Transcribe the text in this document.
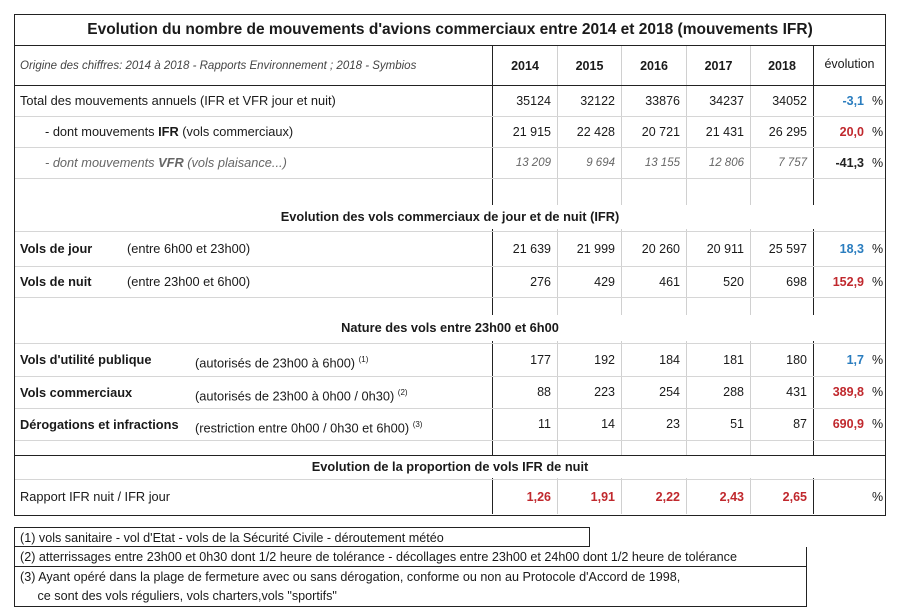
Evolution du nombre de mouvements d'avions commerciaux entre 2014 et 2018 (mouvements IFR)
Origine des chiffres: 2014 à 2018 - Rapports Environnement ; 2018 - Symbios	2014	2015	2016	2017	2018	évolution
Total des mouvements annuels (IFR et VFR jour et nuit)	35124	32122	33876	34237	34052	-3,1 %
- dont mouvements IFR (vols commerciaux)	21 915	22 428	20 721	21 431	26 295	20,0 %
- dont mouvements VFR (vols plaisance...)	13 209	9 694	13 155	12 806	7 757	-41,3 %
Evolution des vols commerciaux de jour et de nuit (IFR)
Vols de jour	(entre 6h00 et 23h00)	21 639	21 999	20 260	20 911	25 597	18,3 %
Vols de nuit	(entre 23h00 et 6h00)	276	429	461	520	698	152,9 %
Nature des vols entre 23h00 et 6h00
Vols d'utilité publique	(autorisés de 23h00 à 6h00) $^{(1)}$	177	192	184	181	180	1,7 %
Vols commerciaux	(autorisés de 23h00 à 0h00 / 0h30) $^{(2)}$	88	223	254	288	431	389,8 %
Dérogations et infractions (restriction entre 0h00 / 0h30 et 6h00) $^{(3)}$	11	14	23	51	87	690,9 %
Evolution de la proportion de vols IFR de nuit
Rapport IFR nuit / IFR jour	1,26	1,91	2,22	2,43	2,65	%
(1) vols sanitaire - vol d'Etat - vols de la Sécurité Civile - déroutement météo
(2) atterrissages entre 23h00 et 0h30 dont 1/2 heure de tolérance - décollages entre 23h00 et 24h00 dont 1/2 heure de tolérance
(3) Ayant opéré dans la plage de fermeture avec ou sans dérogation, conforme ou non au Protocole d'Accord de 1998,
ce sont des vols réguliers, vols charters,vols "sportifs"
